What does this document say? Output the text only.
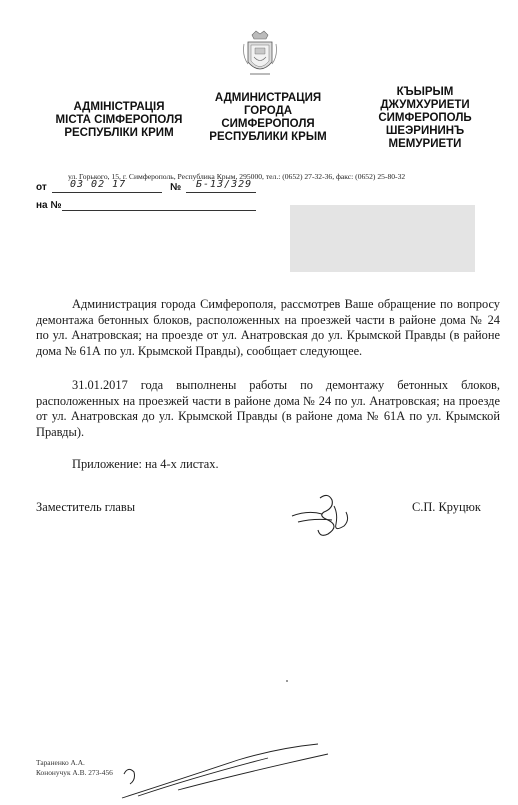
АДМІНІСТРАЦІЯ
МІСТА СІМФЕРОПОЛЯ
РЕСПУБЛІКИ КРИМ
АДМИНИСТРАЦИЯ
ГОРОДА
СИМФЕРОПОЛЯ
РЕСПУБЛИКИ КРЫМ
КЪЫРЫМ
ДЖУМХУРИЕТИ
СИМФЕРОПОЛЬ
ШЕЭРИНИНЪ
МЕМУРИЕТИ
ул. Горького, 15, г. Симферополь, Республика Крым, 295000, тел.: (0652) 27-32-36, факс: (0652) 25-80-32
от 03 02 17	№ Б-13/329
на №

Администрация города Симферополя, рассмотрев Ваше обращение по вопросу демонтажа бетонных блоков, расположенных на проезжей части в районе дома № 24 по ул. Анатровская; на проезде от ул. Анатровская до ул. Крымской Правды (в районе дома № 61А по ул. Крымской Правды), сообщает следующее.

31.01.2017 года выполнены работы по демонтажу бетонных блоков, расположенных на проезжей части в районе дома № 24 по ул. Анатровская; на проезде от ул. Анатровская до ул. Крымской Правды (в районе дома № 61А по ул. Крымской Правды).

Приложение: на 4-х листах.

Заместитель главы	С.П. Круцюк
Тараненко А.А.
Кононучук А.В. 273-456
